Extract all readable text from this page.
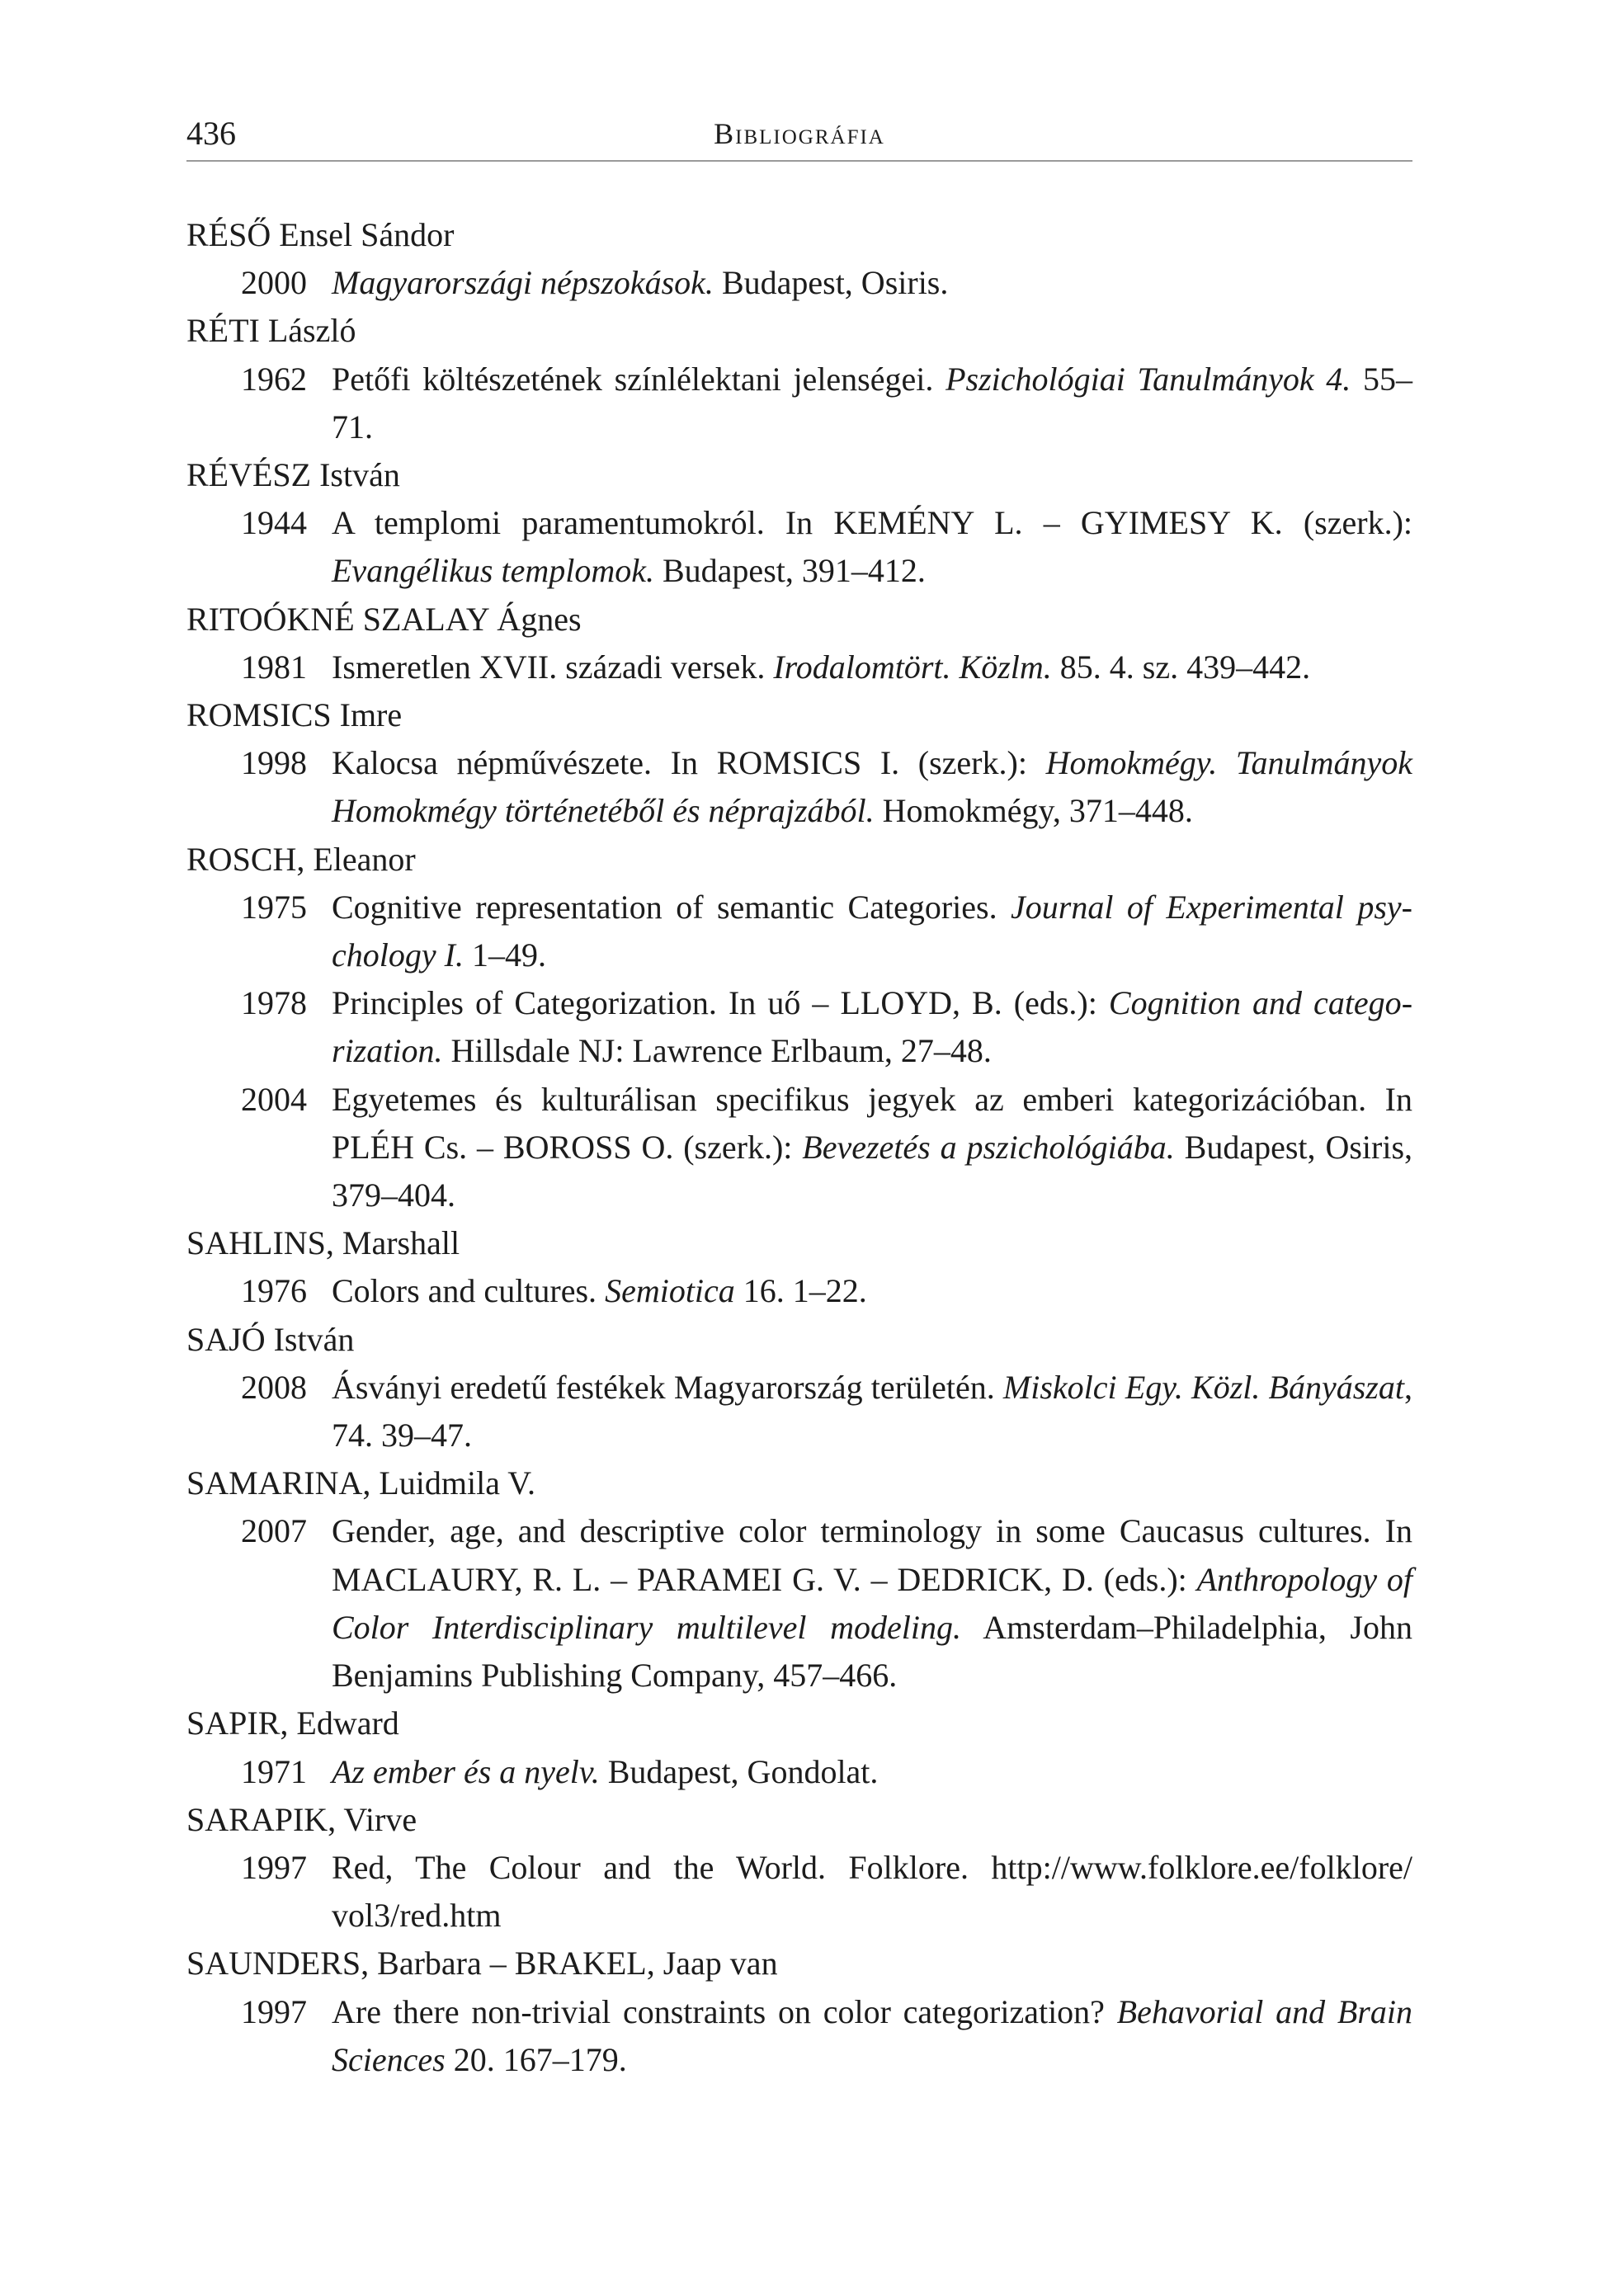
436	Bibliográfia
RÉSŐ Ensel Sándor
2000 Magyarországi népszokások. Budapest, Osiris.
RÉTI László
1962 Petőfi költészetének színlélektani jelenségei. Pszichológiai Tanulmányok 4. 55–71.
RÉVÉSZ István
1944 A templomi paramentumokról. In KEMÉNY L. – GYIMESY K. (szerk.): Evangélikus templomok. Budapest, 391–412.
RITOÓKNÉ SZALAY Ágnes
1981 Ismeretlen XVII. századi versek. Irodalomtört. Közlm. 85. 4. sz. 439–442.
ROMSICS Imre
1998 Kalocsa népművészete. In ROMSICS I. (szerk.): Homokmégy. Tanulmányok Homokmégy történetéből és néprajzából. Homokmégy, 371–448.
ROSCH, Eleanor
1975 Cognitive representation of semantic Categories. Journal of Experimental psychology I. 1–49.
1978 Principles of Categorization. In uő – LLOYD, B. (eds.): Cognition and categorization. Hillsdale NJ: Lawrence Erlbaum, 27–48.
2004 Egyetemes és kulturálisan specifikus jegyek az emberi kategorizációban. In PLÉH Cs. – BOROSS O. (szerk.): Bevezetés a pszichológiába. Budapest, Osiris, 379–404.
SAHLINS, Marshall
1976 Colors and cultures. Semiotica 16. 1–22.
SAJÓ István
2008 Ásványi eredetű festékek Magyarország területén. Miskolci Egy. Közl. Bányászat, 74. 39–47.
SAMARINA, Luidmila V.
2007 Gender, age, and descriptive color terminology in some Caucasus cultures. In MACLAURY, R. L. – PARAMEI G. V. – DEDRICK, D. (eds.): Anthropology of Color Interdisciplinary multilevel modeling. Amsterdam–Philadelphia, John Benjamins Publishing Company, 457–466.
SAPIR, Edward
1971 Az ember és a nyelv. Budapest, Gondolat.
SARAPIK, Virve
1997 Red, The Colour and the World. Folklore. http://www.folklore.ee/folklore/ vol3/red.htm
SAUNDERS, Barbara – BRAKEL, Jaap van
1997 Are there non-trivial constraints on color categorization? Behavorial and Brain Sciences 20. 167–179.
